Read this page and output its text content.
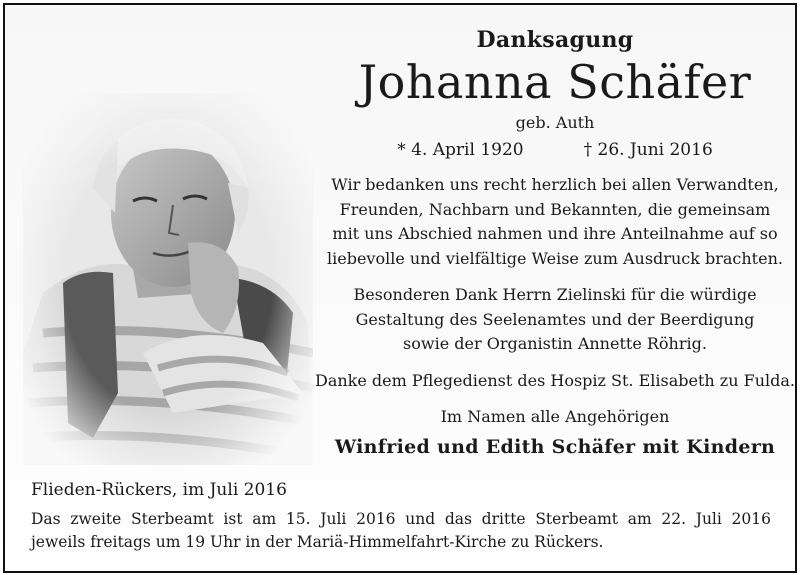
Danksagung
Johanna Schäfer
geb. Auth
* 4. April 1920	† 26. Juni 2016
Wir bedanken uns recht herzlich bei allen Verwandten,
Freunden, Nachbarn und Bekannten, die gemeinsam
mit uns Abschied nahmen und ihre Anteilnahme auf so
liebevolle und vielfältige Weise zum Ausdruck brachten.
Besonderen Dank Herrn Zielinski für die würdige
Gestaltung des Seelenamtes und der Beerdigung
sowie der Organistin Annette Röhrig.
Danke dem Pflegedienst des Hospiz St. Elisabeth zu Fulda.
Im Namen alle Angehörigen
Winfried und Edith Schäfer mit Kindern
Flieden-Rückers, im Juli 2016
Das zweite Sterbeamt ist am 15. Juli 2016 und das dritte Sterbeamt am 22. Juli 2016
jeweils freitags um 19 Uhr in der Mariä-Himmelfahrt-Kirche zu Rückers.
